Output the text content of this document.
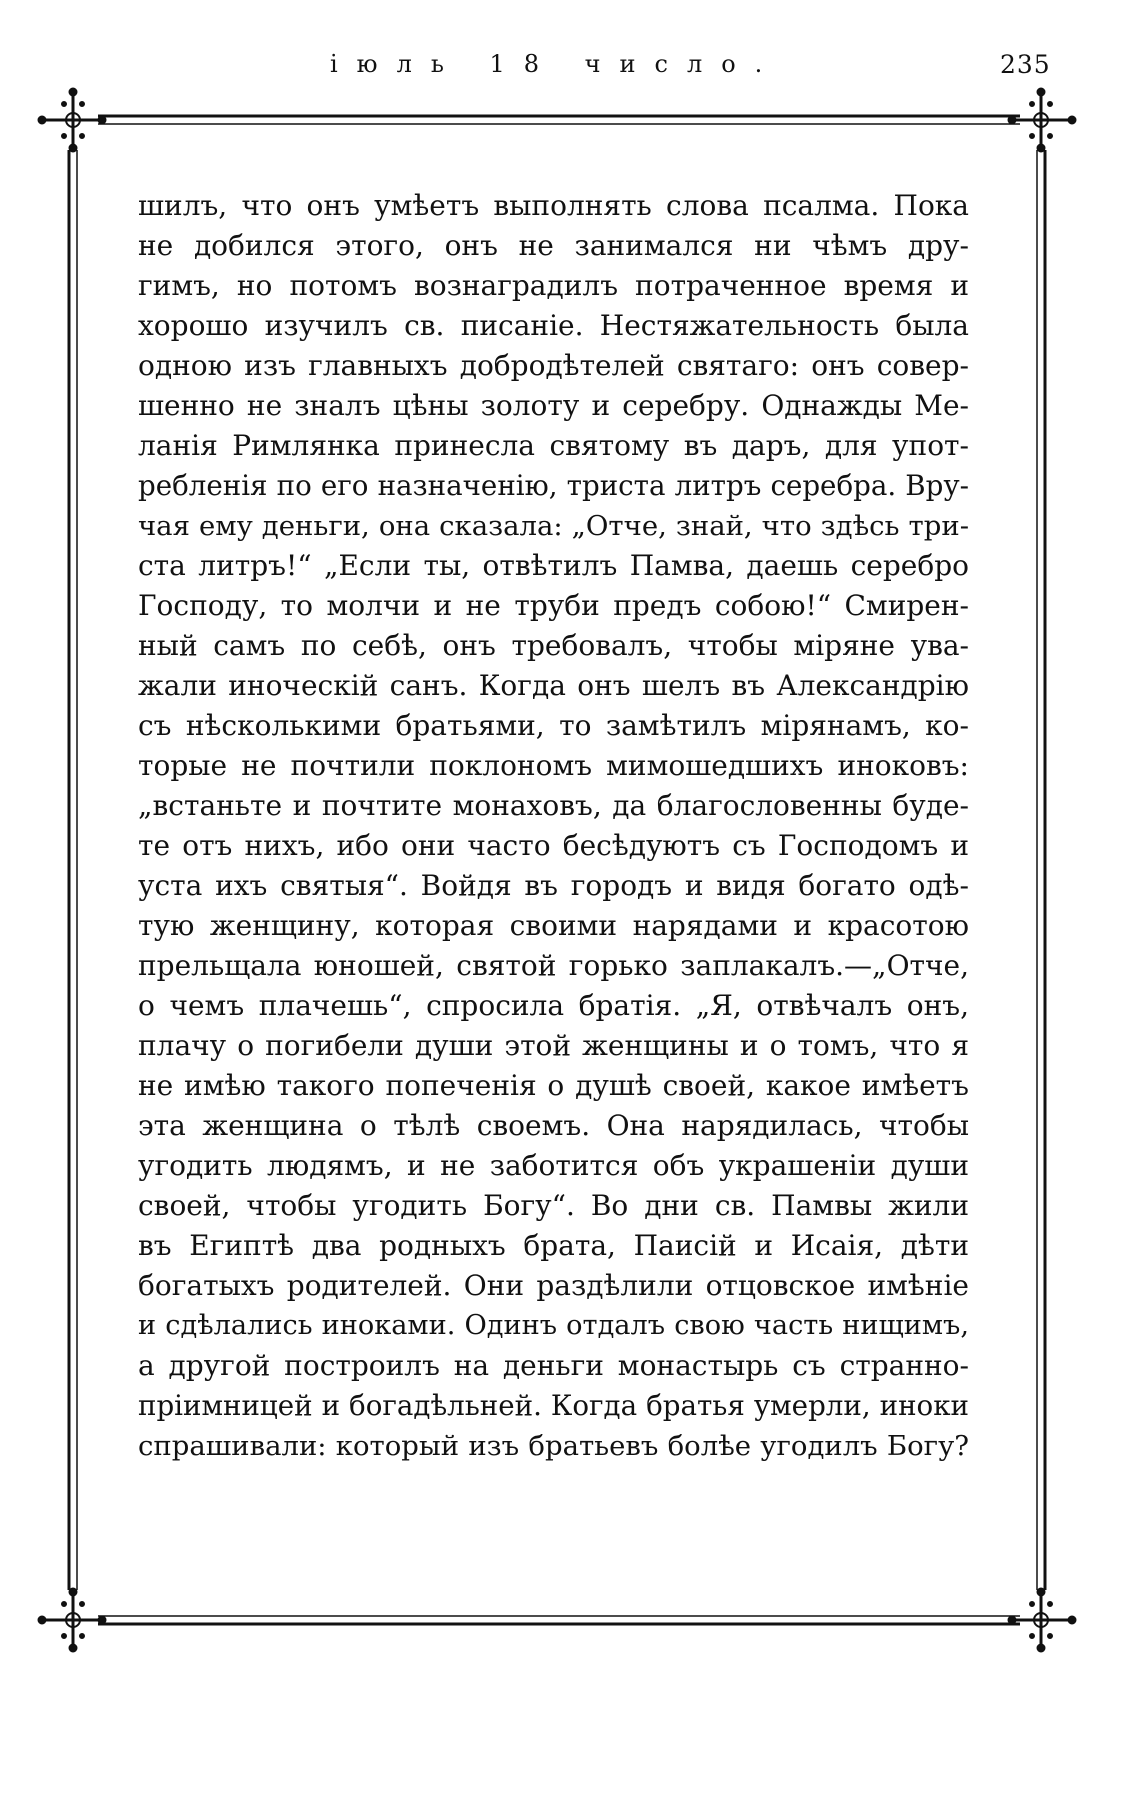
іюль 18 число.	235
шилъ, что онъ умѣетъ выполнять слова псалма. Пока
не добился этого, онъ не занимался ни чѣмъ дру-
гимъ, но потомъ вознаградилъ потраченное время и
хорошо изучилъ св. писаніе. Нестяжательность была
одною изъ главныхъ добродѣтелей святаго: онъ совер-
шенно не зналъ цѣны золоту и серебру. Однажды Ме-
ланія Римлянка принесла святому въ даръ, для упот-
ребленія по его назначенію, триста литръ серебра. Вру-
чая ему деньги, она сказала: „Отче, знай, что здѣсь три-
ста литръ!“ „Если ты, отвѣтилъ Памва, даешь серебро
Господу, то молчи и не труби предъ собою!“ Смирен-
ный самъ по себѣ, онъ требовалъ, чтобы міряне ува-
жали иноческій санъ. Когда онъ шелъ въ Александрію
съ нѣсколькими братьями, то замѣтилъ мірянамъ, ко-
торые не почтили поклономъ мимошедшихъ иноковъ:
„встаньте и почтите монаховъ, да благословенны буде-
те отъ нихъ, ибо они часто бесѣдуютъ съ Господомъ и
уста ихъ святыя“. Войдя въ городъ и видя богато одѣ-
тую женщину, которая своими нарядами и красотою
прельщала юношей, святой горько заплакалъ.—„Отче,
о чемъ плачешь“, спросила братія. „Я, отвѣчалъ онъ,
плачу о погибели души этой женщины и о томъ, что я
не имѣю такого попеченія о душѣ своей, какое имѣетъ
эта женщина о тѣлѣ своемъ. Она нарядилась, чтобы
угодить людямъ, и не заботится объ украшеніи души
своей, чтобы угодить Богу“. Во дни св. Памвы жили
въ Египтѣ два родныхъ брата, Паисій и Исаія, дѣти
богатыхъ родителей. Они раздѣлили отцовское имѣніе
и сдѣлались иноками. Одинъ отдалъ свою часть нищимъ,
а другой построилъ на деньги монастырь съ странно-
пріимницей и богадѣльней. Когда братья умерли, иноки
спрашивали: который изъ братьевъ болѣе угодилъ Богу?
